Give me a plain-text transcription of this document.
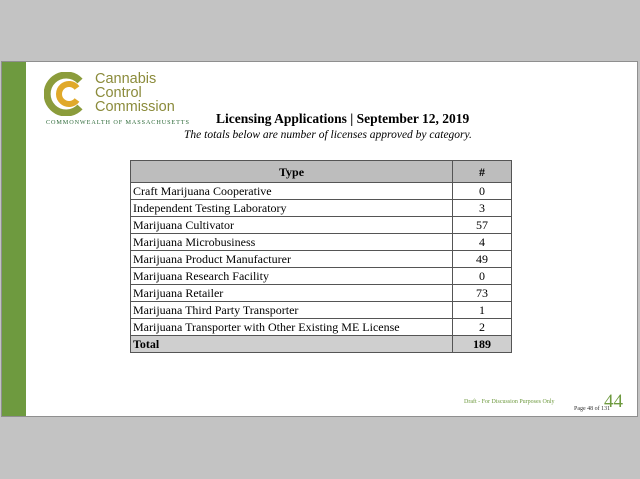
Cannabis
Control
Commission
COMMONWEALTH OF MASSACHUSETTS Licensing Applications | September 12, 2019
The totals below are number of licenses approved by category.
Type	#
Craft Marijuana Cooperative	0
Independent Testing Laboratory	3
Marijuana Cultivator	57
Marijuana Microbusiness	4
Marijuana Product Manufacturer	49
Marijuana Research Facility	0
Marijuana Retailer	73
Marijuana Third Party Transporter	1
Marijuana Transporter with Other Existing ME License	2
Total	189
Draft - For Discussion Purposes Only
Page 48 of 131
44
